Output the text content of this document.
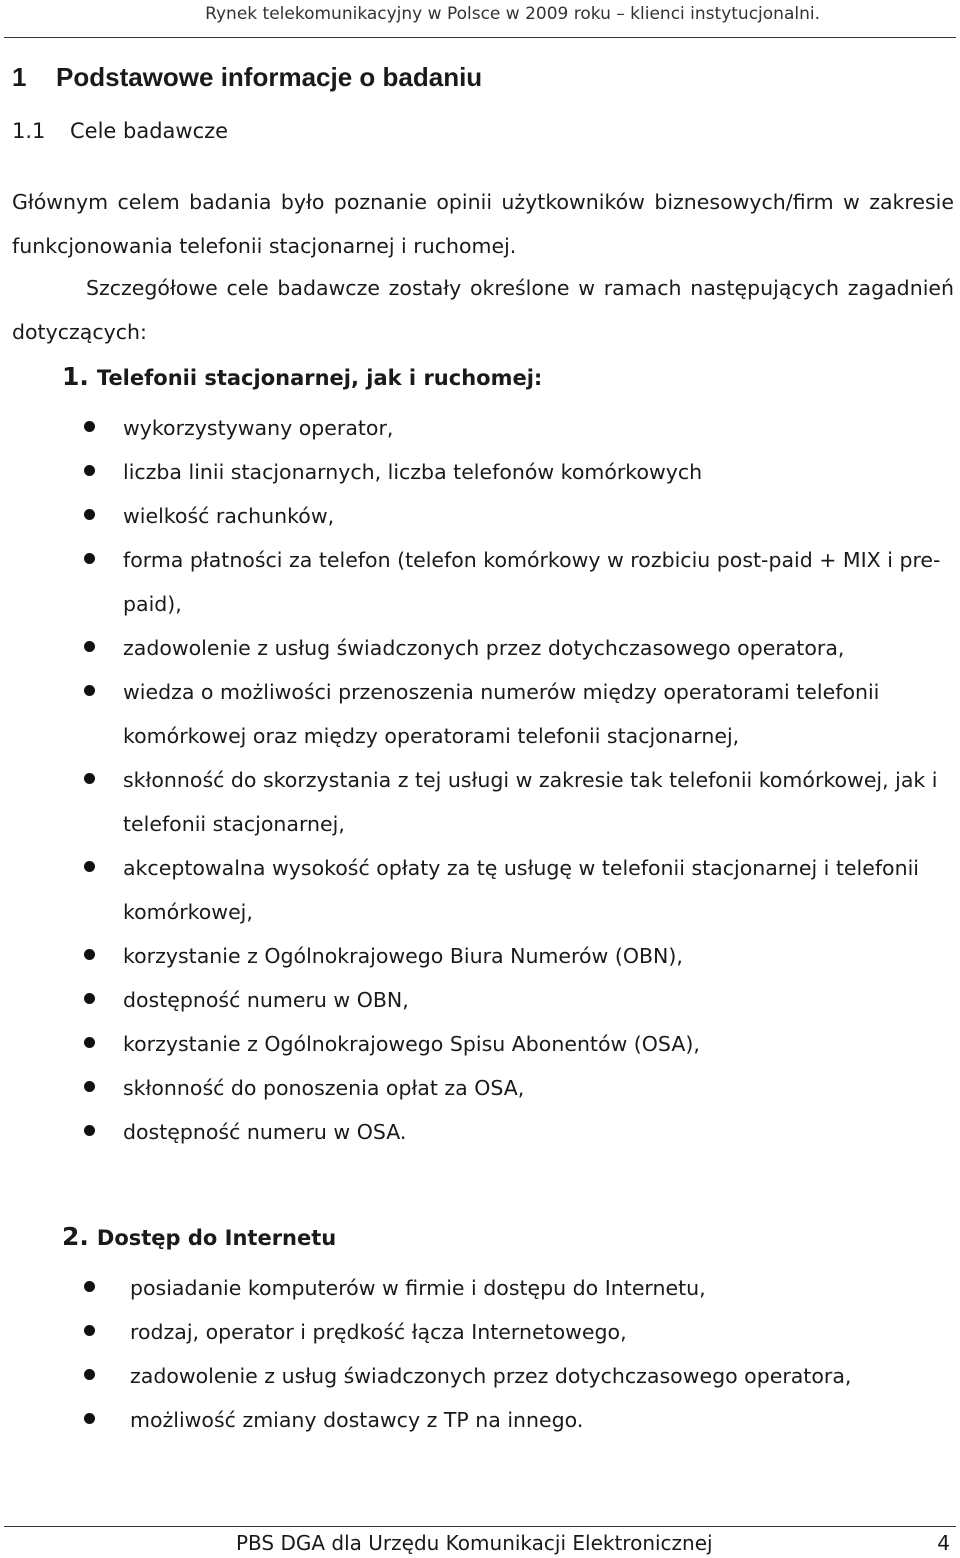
Rynek telekomunikacyjny w Polsce w 2009 roku – klienci instytucjonalni.
1 Podstawowe informacje o badaniu
1.1 Cele badawcze
Głównym celem badania było poznanie opinii użytkowników biznesowych/firm w zakresie funkcjonowania telefonii stacjonarnej i ruchomej.
Szczegółowe cele badawcze zostały określone w ramach następujących zagadnień dotyczących:
1. Telefonii stacjonarnej, jak i ruchomej:
wykorzystywany operator,
liczba linii stacjonarnych, liczba telefonów komórkowych
wielkość rachunków,
forma płatności za telefon (telefon komórkowy w rozbiciu post-paid + MIX i pre-paid),
zadowolenie z usług świadczonych przez dotychczasowego operatora,
wiedza o możliwości przenoszenia numerów między operatorami telefonii komórkowej oraz między operatorami telefonii stacjonarnej,
skłonność do skorzystania z tej usługi w zakresie tak telefonii komórkowej, jak i telefonii stacjonarnej,
akceptowalna wysokość opłaty za tę usługę w telefonii stacjonarnej i telefonii komórkowej,
korzystanie z Ogólnokrajowego Biura Numerów (OBN),
dostępność numeru w OBN,
korzystanie z Ogólnokrajowego Spisu Abonentów (OSA),
skłonność do ponoszenia opłat za OSA,
dostępność numeru w OSA.
2. Dostęp do Internetu
posiadanie komputerów w firmie i dostępu do Internetu,
rodzaj, operator i prędkość łącza Internetowego,
zadowolenie z usług świadczonych przez dotychczasowego operatora,
możliwość zmiany dostawcy z TP na innego.
PBS DGA dla Urzędu Komunikacji Elektronicznej	4
